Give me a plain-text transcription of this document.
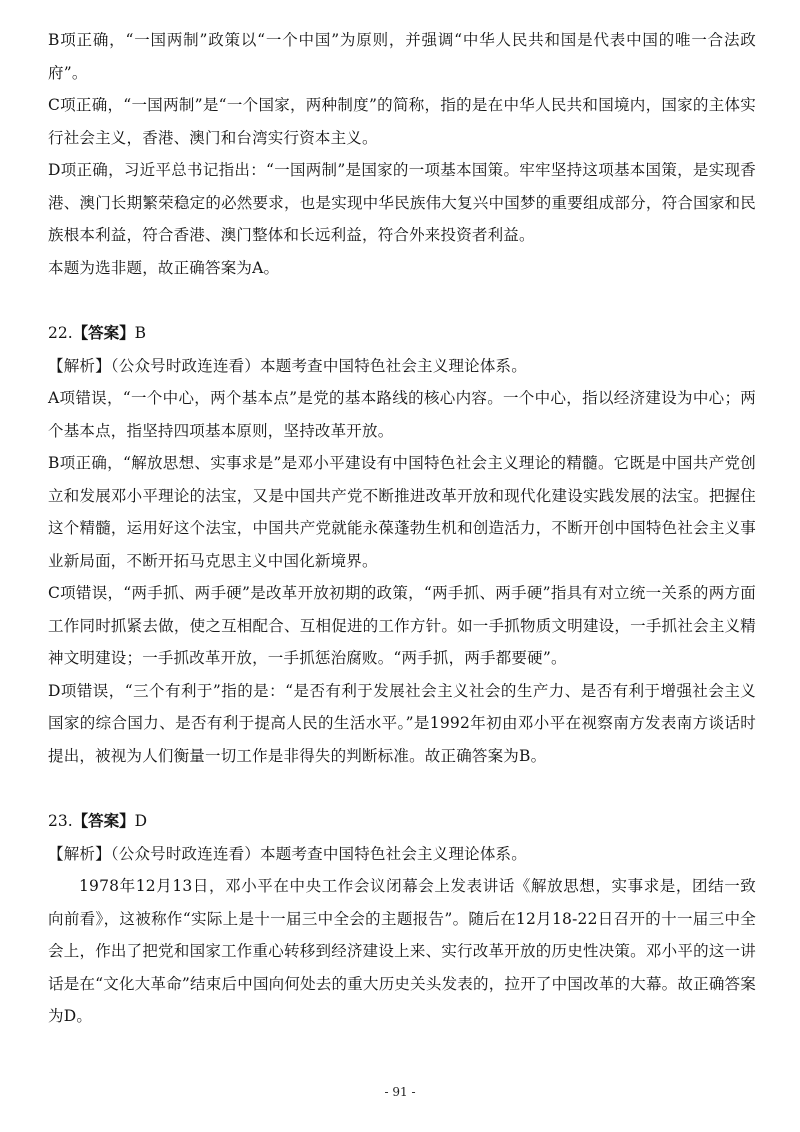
B项正确，“一国两制”政策以“一个中国”为原则，并强调“中华人民共和国是代表中国的唯一合法政府”。

C项正确，“一国两制”是“一个国家，两种制度”的简称，指的是在中华人民共和国境内，国家的主体实行社会主义，香港、澳门和台湾实行资本主义。

D项正确，习近平总书记指出：“一国两制”是国家的一项基本国策。牢牢坚持这项基本国策，是实现香港、澳门长期繁荣稳定的必然要求，也是实现中华民族伟大复兴中国梦的重要组成部分，符合国家和民族根本利益，符合香港、澳门整体和长远利益，符合外来投资者利益。

本题为选非题，故正确答案为A。

22.【答案】B

【解析】（公众号时政连连看）本题考查中国特色社会主义理论体系。

A项错误，“一个中心，两个基本点”是党的基本路线的核心内容。一个中心，指以经济建设为中心；两个基本点，指坚持四项基本原则，坚持改革开放。

B项正确，“解放思想、实事求是”是邓小平建设有中国特色社会主义理论的精髓。它既是中国共产党创立和发展邓小平理论的法宝，又是中国共产党不断推进改革开放和现代化建设实践发展的法宝。把握住这个精髓，运用好这个法宝，中国共产党就能永葆蓬勃生机和创造活力，不断开创中国特色社会主义事业新局面，不断开拓马克思主义中国化新境界。

C项错误，“两手抓、两手硬”是改革开放初期的政策，“两手抓、两手硬”指具有对立统一关系的两方面工作同时抓紧去做，使之互相配合、互相促进的工作方针。如一手抓物质文明建设，一手抓社会主义精神文明建设；一手抓改革开放，一手抓惩治腐败。“两手抓，两手都要硬”。

D项错误，“三个有利于”指的是：“是否有利于发展社会主义社会的生产力、是否有利于增强社会主义国家的综合国力、是否有利于提高人民的生活水平。”是1992年初由邓小平在视察南方发表南方谈话时提出，被视为人们衡量一切工作是非得失的判断标准。故正确答案为B。

23.【答案】D

【解析】（公众号时政连连看）本题考查中国特色社会主义理论体系。

1978年12月13日，邓小平在中央工作会议闭幕会上发表讲话《解放思想，实事求是，团结一致向前看》，这被称作“实际上是十一届三中全会的主题报告”。随后在12月18-22日召开的十一届三中全会上，作出了把党和国家工作重心转移到经济建设上来、实行改革开放的历史性决策。邓小平的这一讲话是在“文化大革命”结束后中国向何处去的重大历史关头发表的，拉开了中国改革的大幕。故正确答案为D。

- 91 -
